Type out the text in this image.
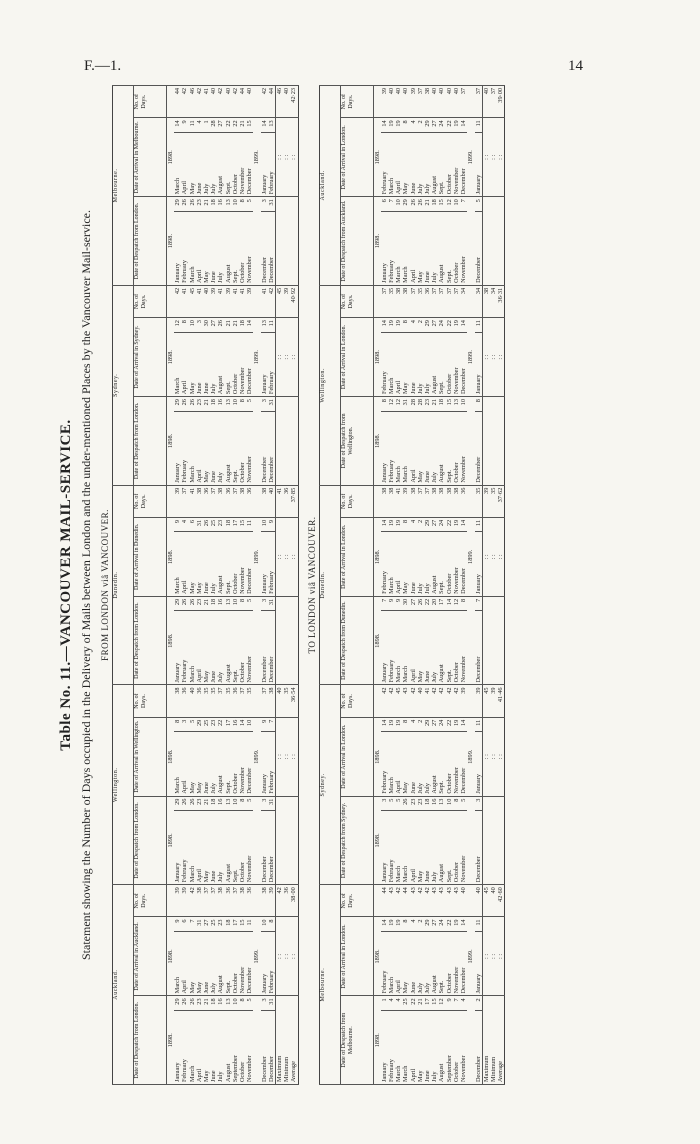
F.—1.	14
Table No. 11.—VANCOUVER MAIL-SERVICE. Statement showing the Number of Days occupied in the Delivery of Mails between London and the under-mentioned Places by the Vancouver Mail-service. FROM LONDON viâ VANCOUVER.
Auckland.					Wellington.					Dunedin.					Sydney.					Melbourne.				
Date of Despatch from London.		Date of Arrival in Auckland.		No. of Days.	Date of Despatch from London.		Date of Arrival in Wellington.		No. of Days.	Date of Despatch from London.		Date of Arrival in Dunedin.		No. of Days.	Date of Despatch from London.		Date of Arrival in Sydney.		No. of Days.	Date of Despatch from London.		Date of Arrival in Melbourne.		No. of Days.
1898.		1898.			1898.		1898.			1898.		1898.			1898.		1898.			1898.		1898.		
January	29	March	9	39	January	29	March	8	38	January	29	March	9	39	January	29	March	12	42	January	29	March	14	44
February	26	April	6	39	February	26	April	3	36	February	26	April	4	37	February	26	April	8	41	February	26	April	9	42
March	26	May	7	42	March	26	May	5	40	March	26	May	6	41	March	26	May	10	45	March	26	May	11	46
April	23	May	31	38	April	23	May	29	36	April	23	May	31	38	April	23	June	3	41	April	23	June	4	42
May	21	June	27	37	May	21	June	25	35	May	21	June	26	36	May	21	June	30	40	May	21	July	1	41
June	18	July	25	37	June	18	July	23	35	June	18	July	25	37	June	18	July	27	39	June	18	July	28	40
July	16	August	23	38	July	16	August	22	37	July	16	August	23	38	July	16	August	26	41	July	16	August	27	42
August	13	Sept.	18	36	August	13	Sept.	17	35	August	13	Sept.	18	36	August	13	Sept.	21	39	August	13	Sept.	22	40
September	10	October	17	37	Sept.	10	October	16	36	Sept.	10	October	17	37	Sept.	10	October	21	41	Sept.	10	October	22	42
October	8	November	15	38	October	8	November	14	37	October	8	November	15	38	October	8	November	18	41	October	8	November	21	44
November	5	December	11	36	November	5	December	10	35	November	5	December	11	36	November	5	December	14	39	November	5	December	15	40
		1899.					1899.					1899.					1899.					1899.		
December	3	January	10	38	December	3	January	9	37	December	3	January	10	38	December	3	January	13	41	December	3	January	14	42
December	31	February	8	39	December	31	February	7	38	December	31	February	9	40	December	31	February	11	42	December	31	February	13	44
Maximum		: :		42			: :		40			: :		41			: :		45			: :		46
Minimum		: :		36			: :		35			: :		36			: :		39			: :		40
Average		: :		38·00			: :		36·54			: :		37·85			: :		40·92			: :		42·23
TO LONDON viâ VANCOUVER.
Melbourne.					Sydney.					Dunedin.					Wellington.					Auckland.				
Date of Despatch from Melbourne.		Date of Arrival in London.		No. of Days.	Date of Despatch from Sydney.		Date of Arrival in London.		No. of Days.	Date of Despatch from Dunedin.		Date of Arrival in London.		No. of Days.	Date of Despatch from Wellington.		Date of Arrival in London.		No. of Days.	Date of Despatch from Auckland.		Date of Arrival in London.		No. of Days.
1898.		1898.			1898.		1898.			1898.		1898.			1898.		1898.			1898.		1898.		
January	1	February	14	44	January	3	February	14	42	January	7	February	14	38	January	8	February	14	37	January	6	February	14	39
February	4	March	19	43	February	5	March	19	42	February	9	March	19	38	February	12	March	19	35	February	7	March	19	40
March	4	April	19	42	March	5	April	19	45	March	9	April	19	41	March	12	April	19	38	March	10	April	19	40
March	25	May	8	44	March	26	May	8	43	March	30	May	8	39	March	31	May	8	38	March	29	May	8	40
April	22	June	4	43	April	23	June	4	42	April	27	June	4	38	April	28	June	4	37	April	26	June	4	39
May	21	July	2	42	May	23	July	2	40	May	26	July	2	37	May	28	July	2	35	May	26	July	2	37
June	17	July	29	42	June	18	July	29	41	June	22	July	29	37	June	23	July	29	36	June	21	July	29	38
July	15	August	27	43	July	16	August	27	42	July	20	August	27	38	July	21	August	27	37	July	18	August	27	40
August	12	Sept.	24	43	August	13	Sept.	24	42	August	17	Sept.	24	38	August	18	Sept.	24	37	August	15	Sept.	24	40
September	9	October	22	43	Sept.	10	October	22	42	Sept.	14	October	22	38	Sept.	15	October	22	37	Sept.	12	October	22	40
October	7	November	19	43	October	8	November	19	42	October	12	November	19	38	October	13	November	19	37	October	10	November	19	40
November	4	December	14	40	November	5	December	14	39	November	8	December	14	36	November	10	December	14	34	November	7	December	14	37
		1899.					1899.					1899.					1899.					1899.		
December	2	January	11	40	December	3	January	11	39	December	7	January	11	35	December	8	January	11	34	December	5	January	11	37
Maximum		: :		45			: :		45			: :		39			: :		38			: :		40
Minimum		: :		40			: :		39			: :		35			: :		34			: :		37
Average		: :		42·60			: :		41·46			: :		37·62			: :		36·31			: :		39·00
